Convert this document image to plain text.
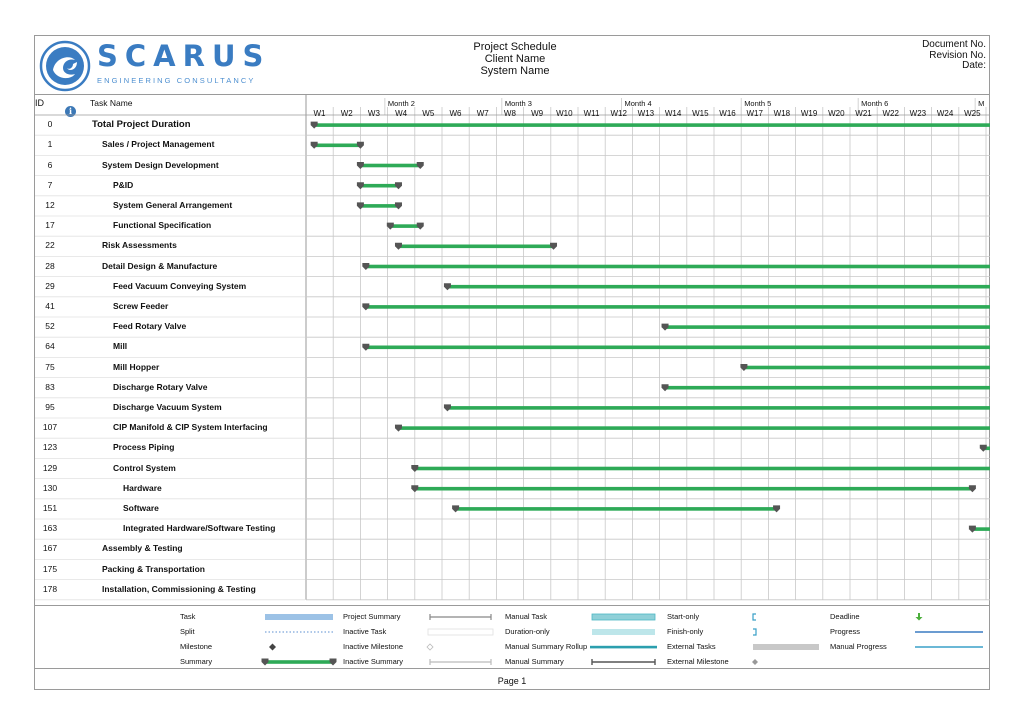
SCARUS
ENGINEERING CONSULTANCY
Project Schedule
Client Name
System Name
Document No.
Revision No.
Date:
ID
i
Task Name	Month 2	Month 3	Month 4	Month 5	Month 6	M
W1	W2	W3	W4	W5	W6	W7	W8	W9	W10	W11	W12	W13	W14	W15	W16	W17	W18	W19	W20	W21	W22	W23	W24	W25
0	Total Project Duration
1	Sales / Project Management
6	System Design Development
7	P&ID
12	System General Arrangement
17	Functional Specification
22	Risk Assessments
28	Detail Design & Manufacture
29	Feed Vacuum Conveying System
41	Screw Feeder
52	Feed Rotary Valve
64	Mill
75	Mill Hopper
83	Discharge Rotary Valve
95	Discharge Vacuum System
107	CIP Manifold & CIP System Interfacing
123	Process Piping
129	Control System
130	Hardware
151	Software
163	Integrated Hardware/Software Testing
167	Assembly & Testing
175	Packing & Transportation
178	Installation, Commissioning & Testing
Task
Split
Milestone
Summary
Project Summary
Inactive Task
Inactive Milestone
Inactive Summary
Manual Task
Duration-only
Manual Summary Rollup
Manual Summary
Start-only
Finish-only
External Tasks
External Milestone
Deadline
Progress
Manual Progress
Page 1
